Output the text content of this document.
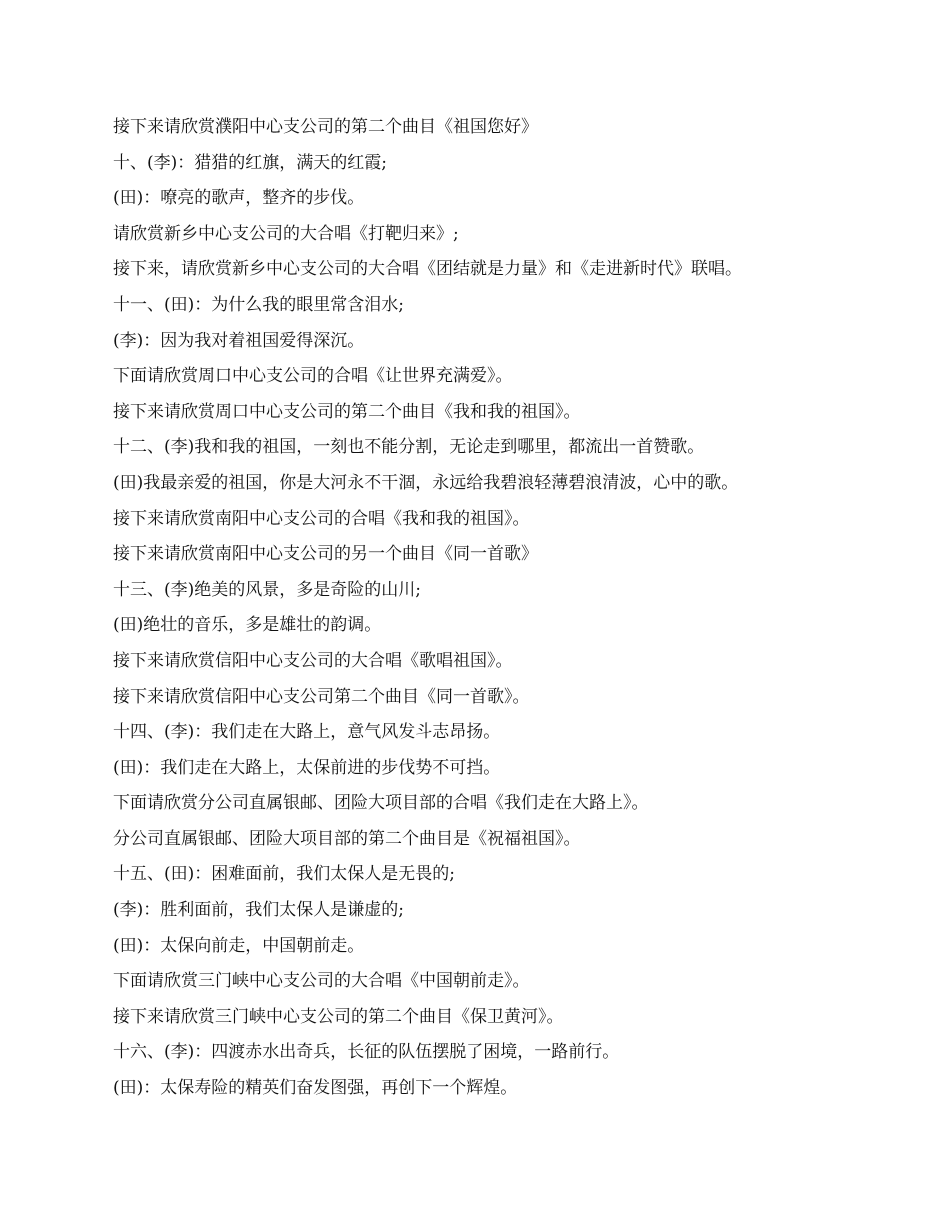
接下来请欣赏濮阳中心支公司的第二个曲目《祖国您好》
十、(李)：猎猎的红旗，满天的红霞;
(田)：嘹亮的歌声，整齐的步伐。
请欣赏新乡中心支公司的大合唱《打靶归来》;
接下来，请欣赏新乡中心支公司的大合唱《团结就是力量》和《走进新时代》联唱。
十一、(田)：为什么我的眼里常含泪水;
(李)：因为我对着祖国爱得深沉。
下面请欣赏周口中心支公司的合唱《让世界充满爱》。
接下来请欣赏周口中心支公司的第二个曲目《我和我的祖国》。
十二、(李)我和我的祖国，一刻也不能分割，无论走到哪里，都流出一首赞歌。
(田)我最亲爱的祖国，你是大河永不干涸，永远给我碧浪轻薄碧浪清波，心中的歌。
接下来请欣赏南阳中心支公司的合唱《我和我的祖国》。
接下来请欣赏南阳中心支公司的另一个曲目《同一首歌》
十三、(李)绝美的风景，多是奇险的山川;
(田)绝壮的音乐，多是雄壮的韵调。
接下来请欣赏信阳中心支公司的大合唱《歌唱祖国》。
接下来请欣赏信阳中心支公司第二个曲目《同一首歌》。
十四、(李)：我们走在大路上，意气风发斗志昂扬。
(田)：我们走在大路上，太保前进的步伐势不可挡。
下面请欣赏分公司直属银邮、团险大项目部的合唱《我们走在大路上》。
分公司直属银邮、团险大项目部的第二个曲目是《祝福祖国》。
十五、(田)：困难面前，我们太保人是无畏的;
(李)：胜利面前，我们太保人是谦虚的;
(田)：太保向前走，中国朝前走。
下面请欣赏三门峡中心支公司的大合唱《中国朝前走》。
接下来请欣赏三门峡中心支公司的第二个曲目《保卫黄河》。
十六、(李)：四渡赤水出奇兵，长征的队伍摆脱了困境，一路前行。
(田)：太保寿险的精英们奋发图强，再创下一个辉煌。
